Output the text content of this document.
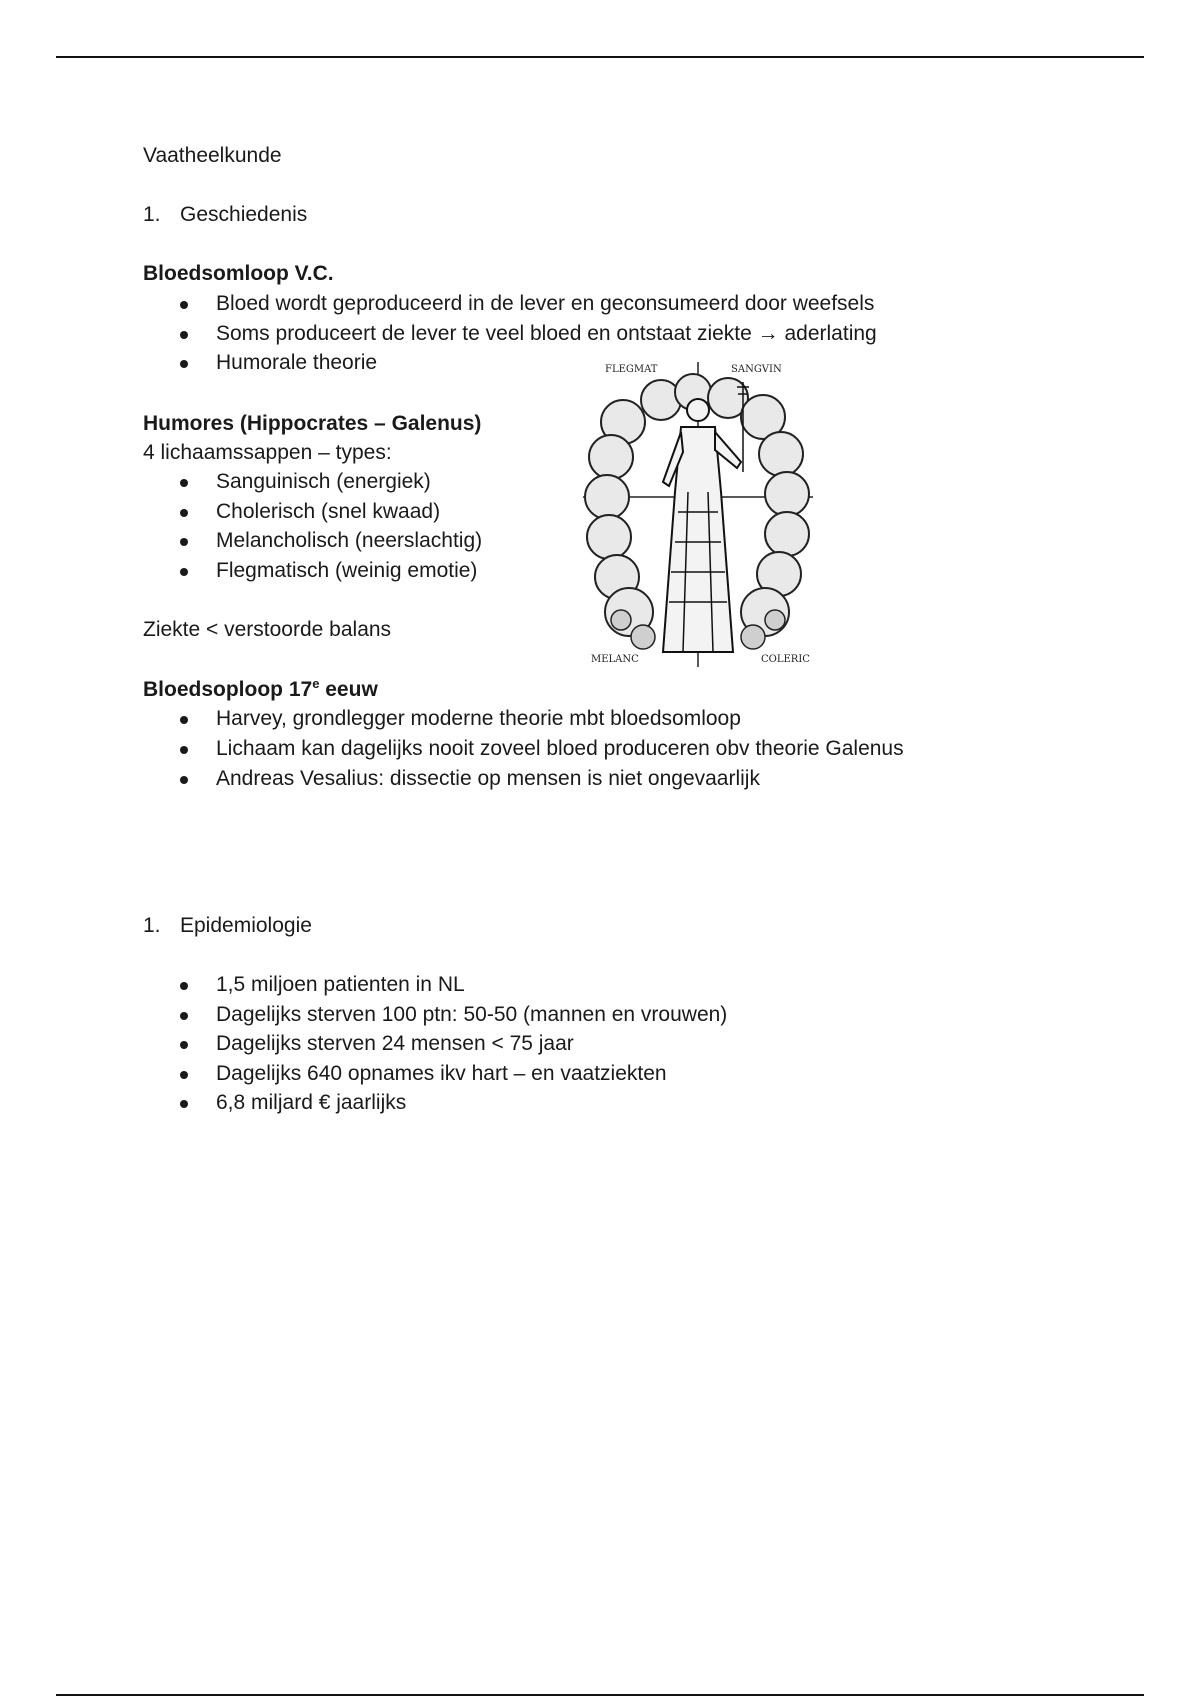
Vaatheelkunde
1. Geschiedenis
Bloedsomloop V.C.
Bloed wordt geproduceerd in de lever en geconsumeerd door weefsels
Soms produceert de lever te veel bloed en ontstaat ziekte → aderlating
Humorale theorie
Humores (Hippocrates – Galenus)
4 lichaamssappen – types:
Sanguinisch (energiek)
Cholerisch (snel kwaad)
Melancholisch (neerslachtig)
Flegmatisch (weinig emotie)
Ziekte < verstoorde balans
Bloedsoploop 17e eeuw
Harvey, grondlegger moderne theorie mbt bloedsomloop
Lichaam kan dagelijks nooit zoveel bloed produceren obv theorie Galenus
Andreas Vesalius: dissectie op mensen is niet ongevaarlijk
1. Epidemiologie
1,5 miljoen patienten in NL
Dagelijks sterven 100 ptn: 50-50 (mannen en vrouwen)
Dagelijks sterven 24 mensen < 75 jaar
Dagelijks 640 opnames ikv hart – en vaatziekten
6,8 miljard € jaarlijks
FLEGMAT	SANGVIN
MELANC	COLERIC
